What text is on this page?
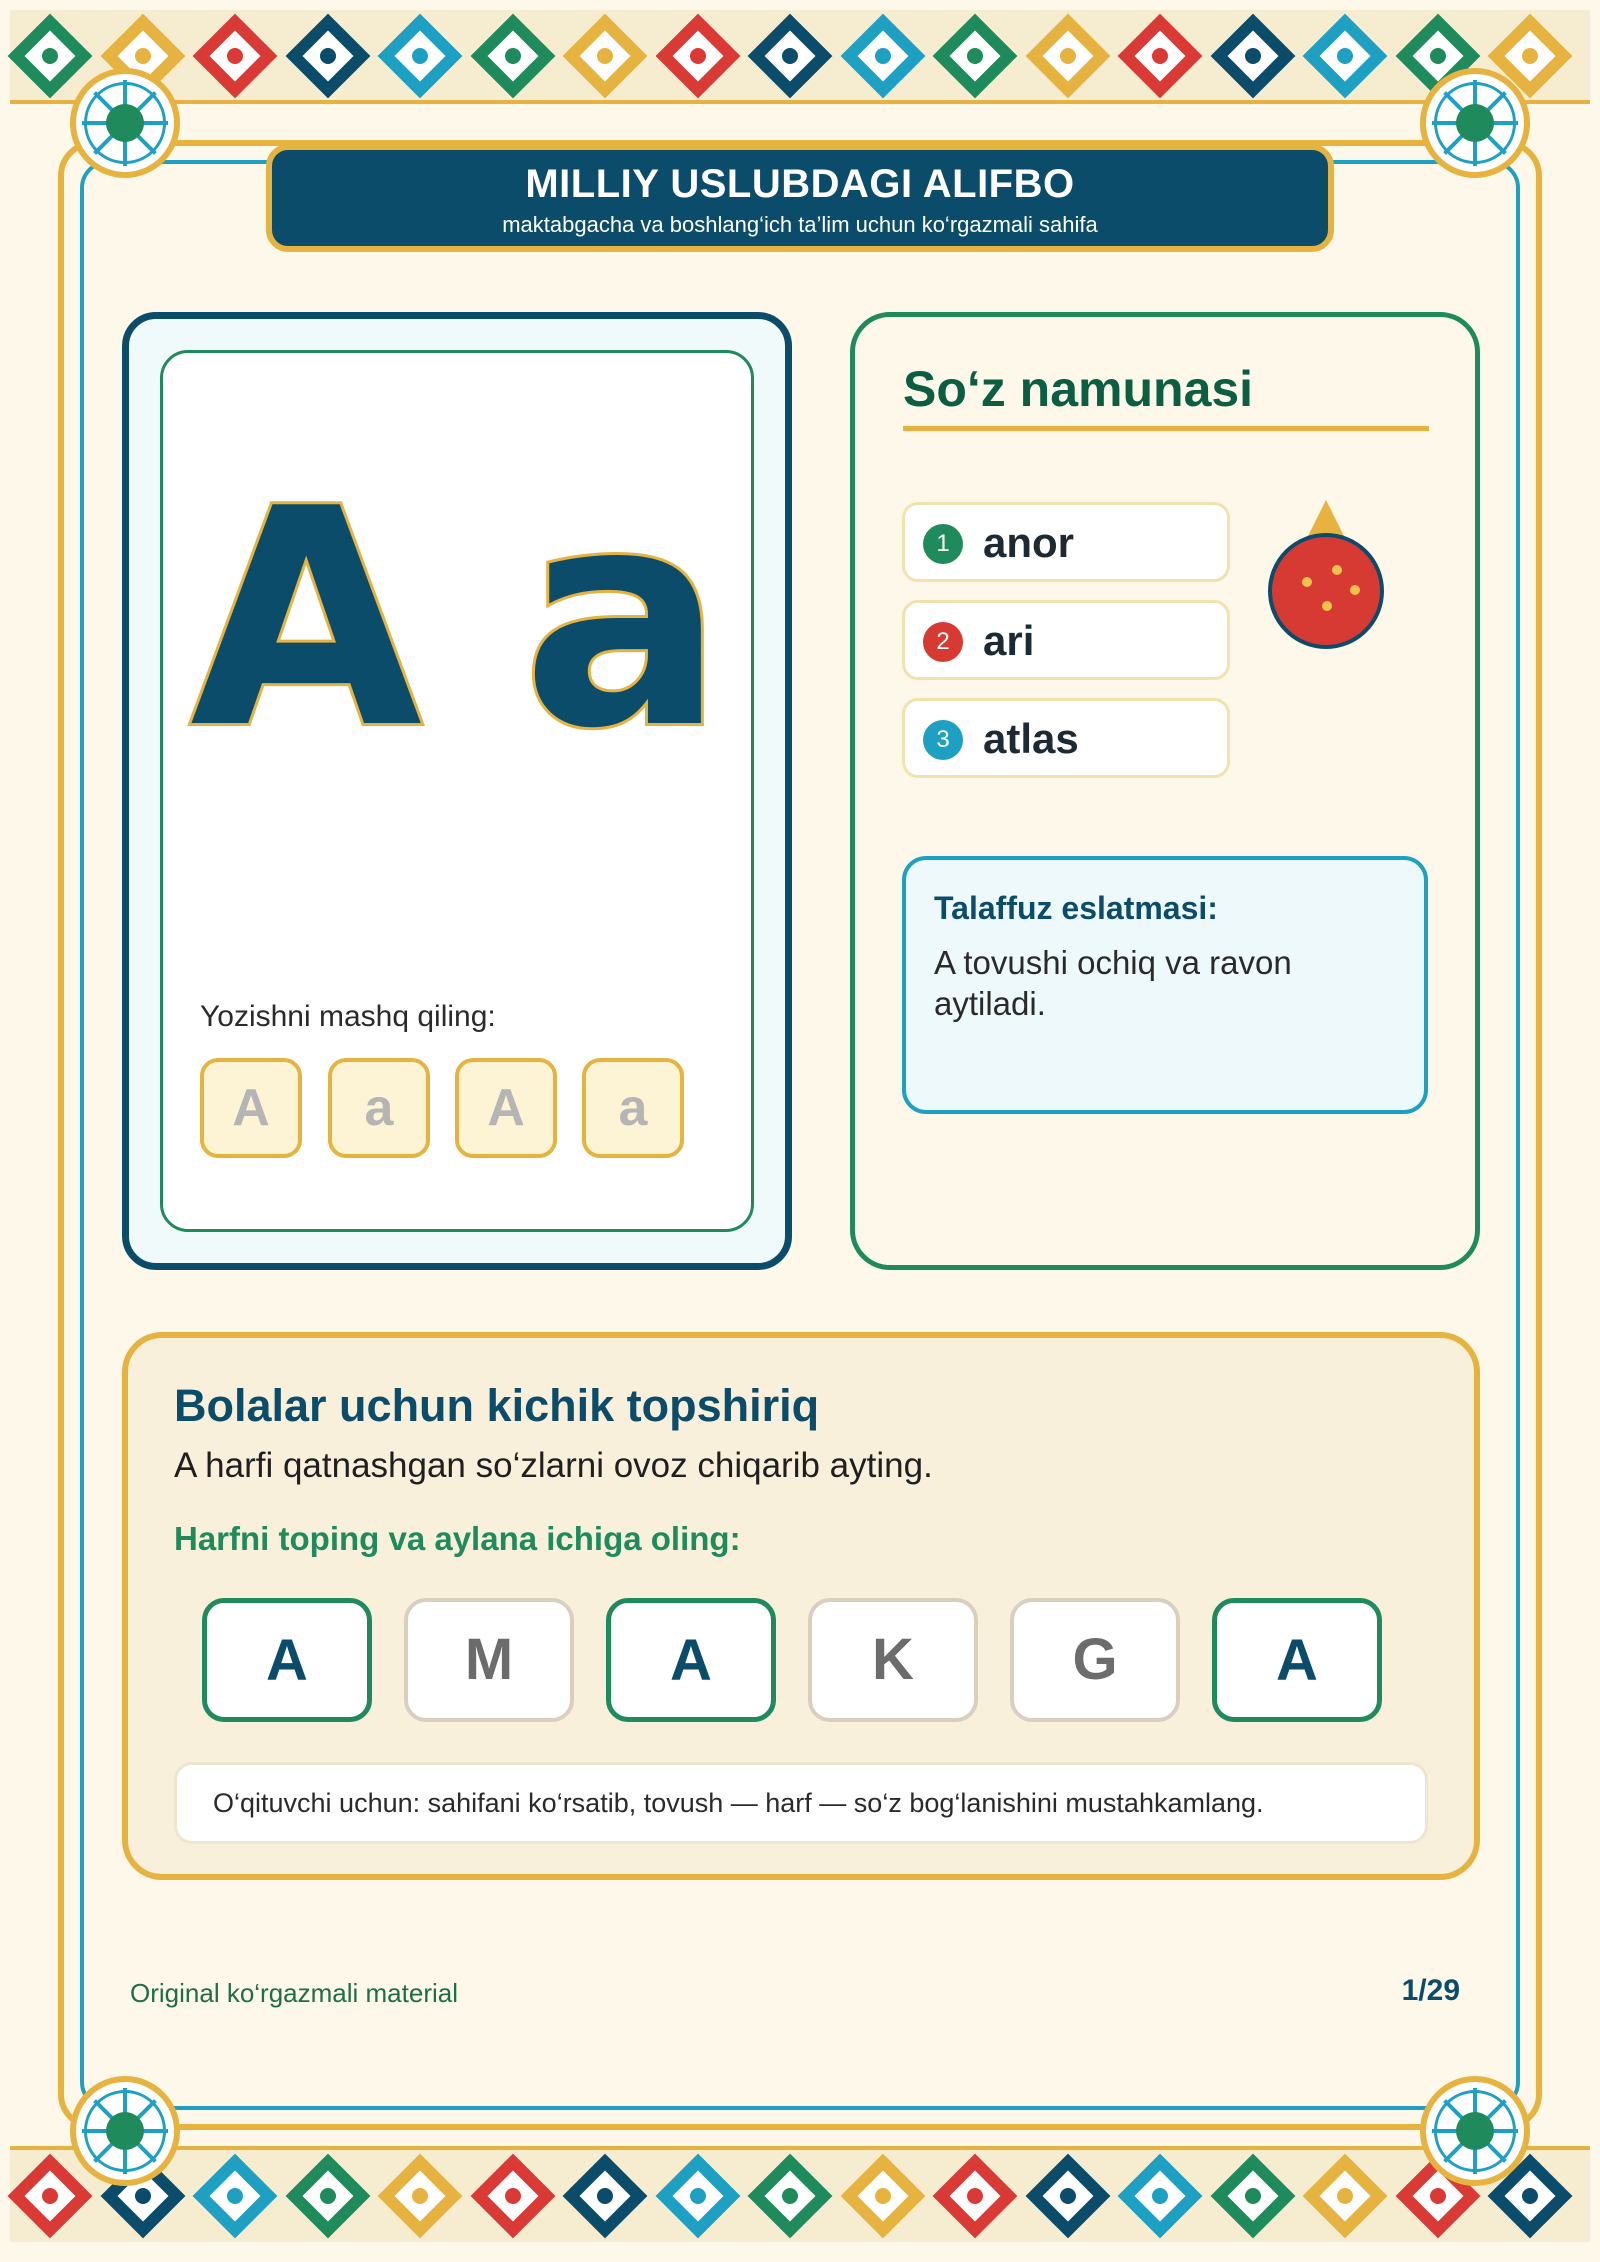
MILLIY USLUBDAGI ALIFBO
maktabgacha va boshlang‘ich ta’lim uchun ko‘rgazmali sahifa
A a
Yozishni mashq qiling:
A	a	A	a
So‘z namunasi
1 anor
2 ari
3 atlas
Talaffuz eslatmasi:
A tovushi ochiq va ravon aytiladi.
Bolalar uchun kichik topshiriq
A harfi qatnashgan so‘zlarni ovoz chiqarib ayting.
Harfni toping va aylana ichiga oling:
A	M	A	K	G	A
O‘qituvchi uchun: sahifani ko‘rsatib, tovush — harf — so‘z bog‘lanishini mustahkamlang.
Original ko‘rgazmali material	1/29
